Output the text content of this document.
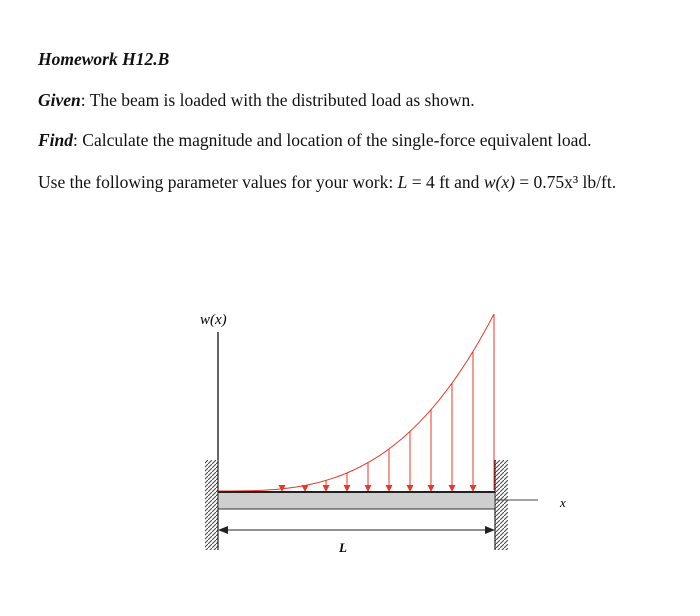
Homework H12.B
Given: The beam is loaded with the distributed load as shown.
Find: Calculate the magnitude and location of the single-force equivalent load.
Use the following parameter values for your work: L = 4 ft and w(x) = 0.75x³ lb/ft.
w(x)
x
L
